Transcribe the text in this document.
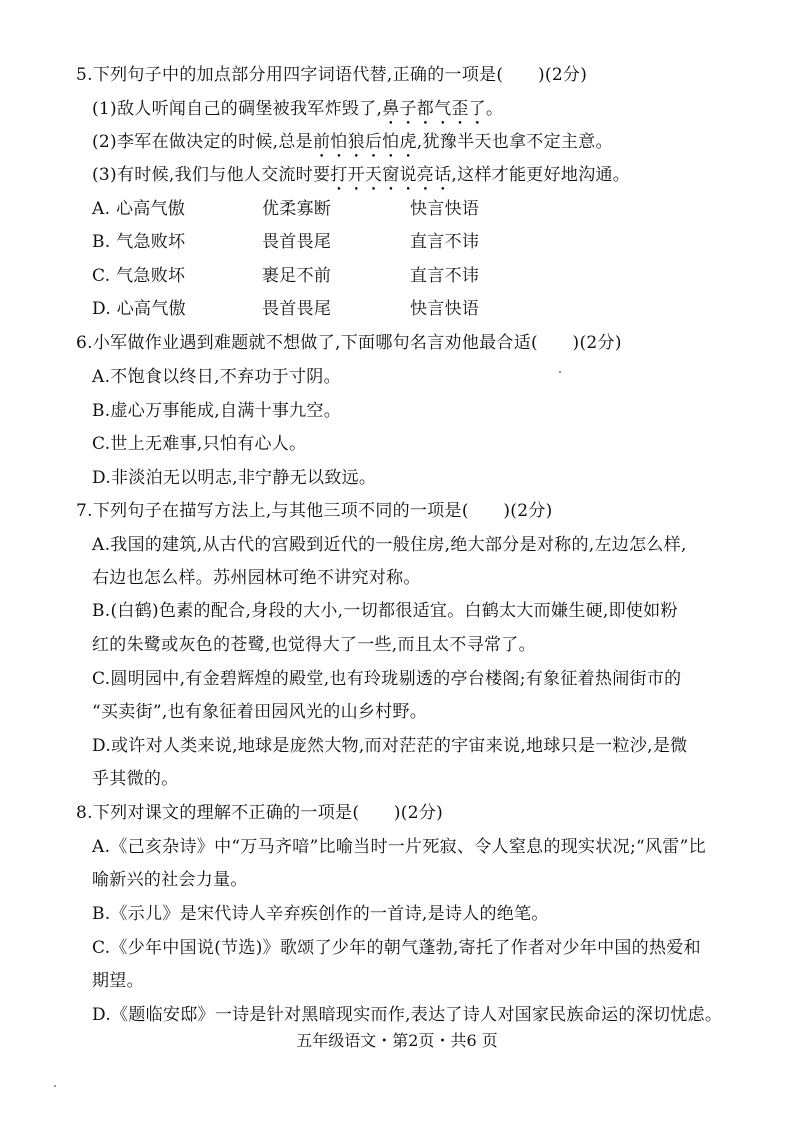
5.下列句子中的加点部分用四字词语代替,正确的一项是(　　)(2分)
(1)敌人听闻自己的碉堡被我军炸毁了,鼻子都气歪了。
(2)李军在做决定的时候,总是前怕狼后怕虎,犹豫半天也拿不定主意。
(3)有时候,我们与他人交流时要打开天窗说亮话,这样才能更好地沟通。
A. 心高气傲	优柔寡断	快言快语
B. 气急败坏	畏首畏尾	直言不讳
C. 气急败坏	裹足不前	直言不讳
D. 心高气傲	畏首畏尾	快言快语
6.小军做作业遇到难题就不想做了,下面哪句名言劝他最合适(　　)(2分)
A.不饱食以终日,不弃功于寸阴。
B.虚心万事能成,自满十事九空。
C.世上无难事,只怕有心人。
D.非淡泊无以明志,非宁静无以致远。
7.下列句子在描写方法上,与其他三项不同的一项是(　　)(2分)
A.我国的建筑,从古代的宫殿到近代的一般住房,绝大部分是对称的,左边怎么样,
右边也怎么样。苏州园林可绝不讲究对称。
B.(白鹤)色素的配合,身段的大小,一切都很适宜。白鹤太大而嫌生硬,即使如粉
红的朱鹭或灰色的苍鹭,也觉得大了一些,而且太不寻常了。
C.圆明园中,有金碧辉煌的殿堂,也有玲珑剔透的亭台楼阁;有象征着热闹街市的
“买卖街”,也有象征着田园风光的山乡村野。
D.或许对人类来说,地球是庞然大物,而对茫茫的宇宙来说,地球只是一粒沙,是微
乎其微的。
8.下列对课文的理解不正确的一项是(　　)(2分)
A.《己亥杂诗》中“万马齐喑”比喻当时一片死寂、令人窒息的现实状况;“风雷”比
喻新兴的社会力量。
B.《示儿》是宋代诗人辛弃疾创作的一首诗,是诗人的绝笔。
C.《少年中国说(节选)》歌颂了少年的朝气蓬勃,寄托了作者对少年中国的热爱和
期望。
D.《题临安邸》一诗是针对黑暗现实而作,表达了诗人对国家民族命运的深切忧虑。
五年级语文・第2页・共6 页
